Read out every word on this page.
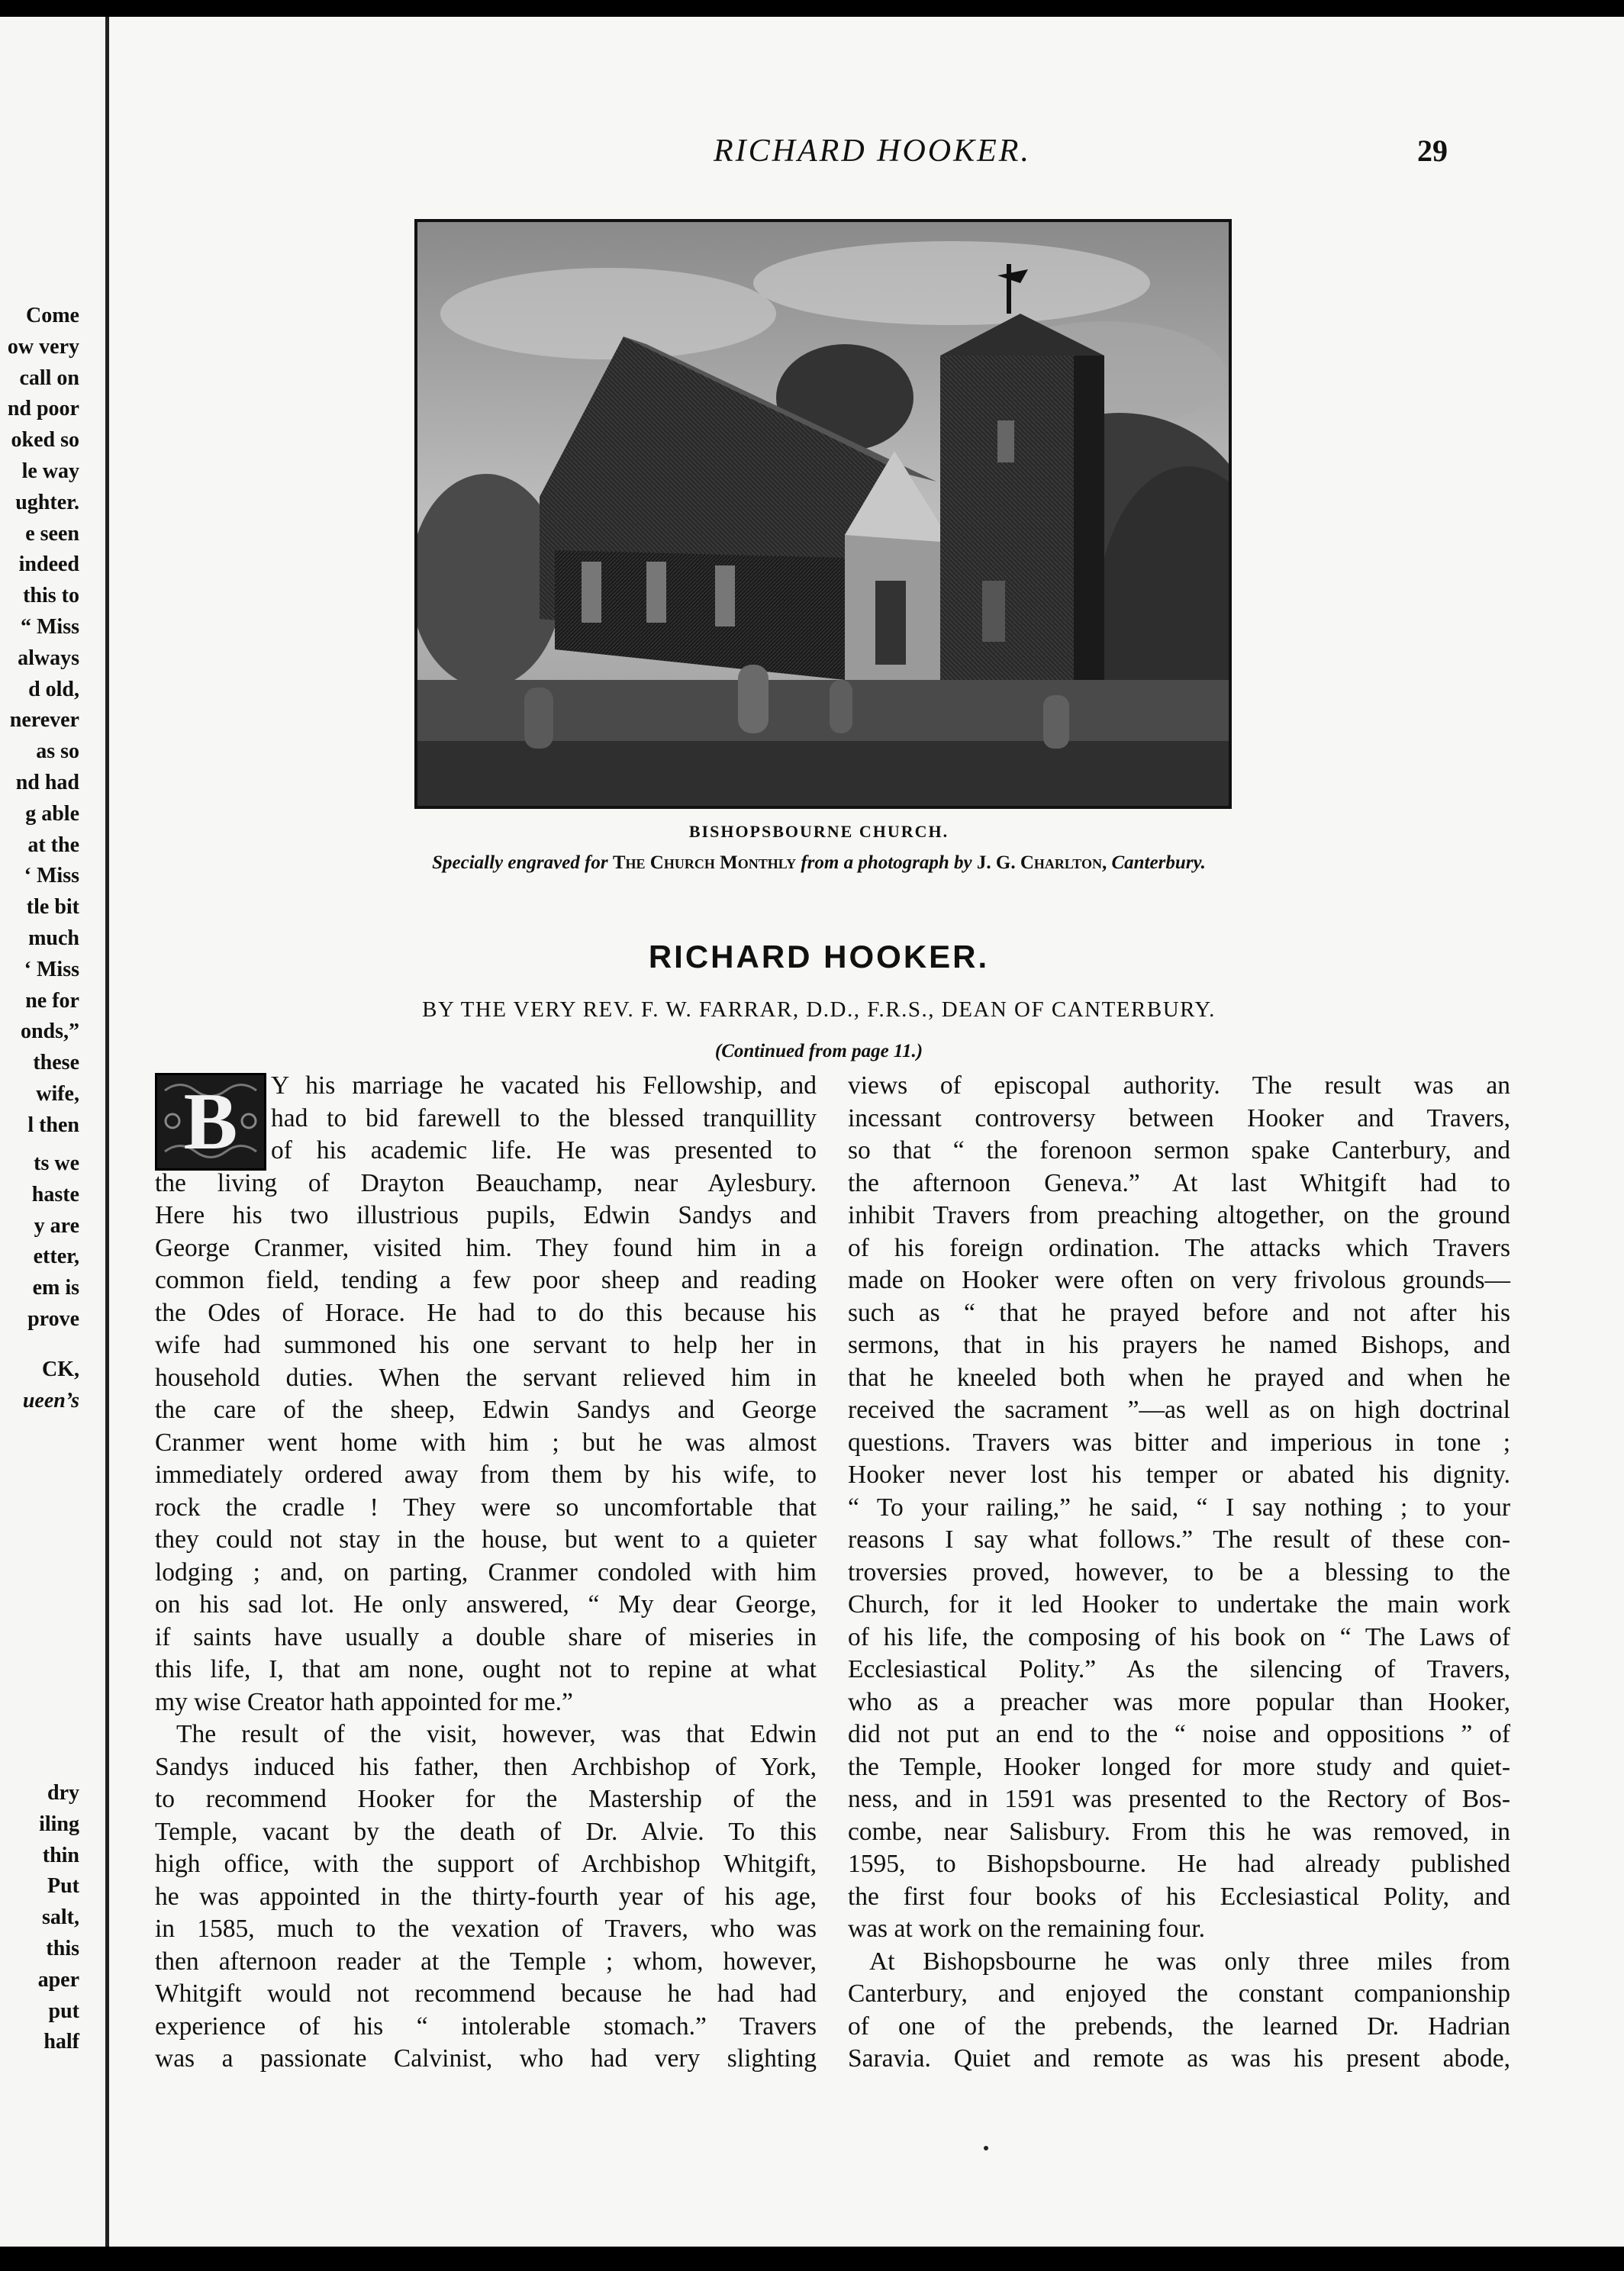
Come
ow very
call on
nd poor
oked so
le way
ughter.
e seen
indeed
this to
“ Miss
always
d old,
nerever
as so
nd had
g able
at the
‘ Miss
tle bit
much
‘ Miss
ne for
onds,”
these
wife,
l then
ts we
haste
y are
etter,
em is
prove
CK,
ueen’s
dry
iling
thin
Put
salt,
this
aper
put
half
RICHARD HOOKER.	29
BISHOPSBOURNE CHURCH.
Specially engraved for The Church Monthly from a photograph by J. G. Charlton, Canterbury.
RICHARD HOOKER.
BY THE VERY REV. F. W. FARRAR, D.D., F.R.S., DEAN OF CANTERBURY.
(Continued from page 11.)
B	Y his marriage he vacated his Fellowship, and
had to bid farewell to the blessed tranquillity
of his academic life. He was presented to
the living of Drayton Beauchamp, near Aylesbury.
Here his two illustrious pupils, Edwin Sandys and
George Cranmer, visited him. They found him in a
common field, tending a few poor sheep and reading
the Odes of Horace. He had to do this because his
wife had summoned his one servant to help her in
household duties. When the servant relieved him in
the care of the sheep, Edwin Sandys and George
Cranmer went home with him ; but he was almost
immediately ordered away from them by his wife, to
rock the cradle ! They were so uncomfortable that
they could not stay in the house, but went to a quieter
lodging ; and, on parting, Cranmer condoled with him
on his sad lot. He only answered, “ My dear George,
if saints have usually a double share of miseries in
this life, I, that am none, ought not to repine at what
my wise Creator hath appointed for me.”
The result of the visit, however, was that Edwin
Sandys induced his father, then Archbishop of York,
to recommend Hooker for the Mastership of the
Temple, vacant by the death of Dr. Alvie. To this
high office, with the support of Archbishop Whitgift,
he was appointed in the thirty-fourth year of his age,
in 1585, much to the vexation of Travers, who was
then afternoon reader at the Temple ; whom, however,
Whitgift would not recommend because he had had
experience of his “ intolerable stomach.” Travers
was a passionate Calvinist, who had very slighting
views of episcopal authority. The result was an
incessant controversy between Hooker and Travers,
so that “ the forenoon sermon spake Canterbury, and
the afternoon Geneva.” At last Whitgift had to
inhibit Travers from preaching altogether, on the ground
of his foreign ordination. The attacks which Travers
made on Hooker were often on very frivolous grounds—
such as “ that he prayed before and not after his
sermons, that in his prayers he named Bishops, and
that he kneeled both when he prayed and when he
received the sacrament ”—as well as on high doctrinal
questions. Travers was bitter and imperious in tone ;
Hooker never lost his temper or abated his dignity.
“ To your railing,” he said, “ I say nothing ; to your
reasons I say what follows.” The result of these con-
troversies proved, however, to be a blessing to the
Church, for it led Hooker to undertake the main work
of his life, the composing of his book on “ The Laws of
Ecclesiastical Polity.” As the silencing of Travers,
who as a preacher was more popular than Hooker,
did not put an end to the “ noise and oppositions ” of
the Temple, Hooker longed for more study and quiet-
ness, and in 1591 was presented to the Rectory of Bos-
combe, near Salisbury. From this he was removed, in
1595, to Bishopsbourne. He had already published
the first four books of his Ecclesiastical Polity, and
was at work on the remaining four.
At Bishopsbourne he was only three miles from
Canterbury, and enjoyed the constant companionship
of one of the prebends, the learned Dr. Hadrian
Saravia. Quiet and remote as was his present abode,
